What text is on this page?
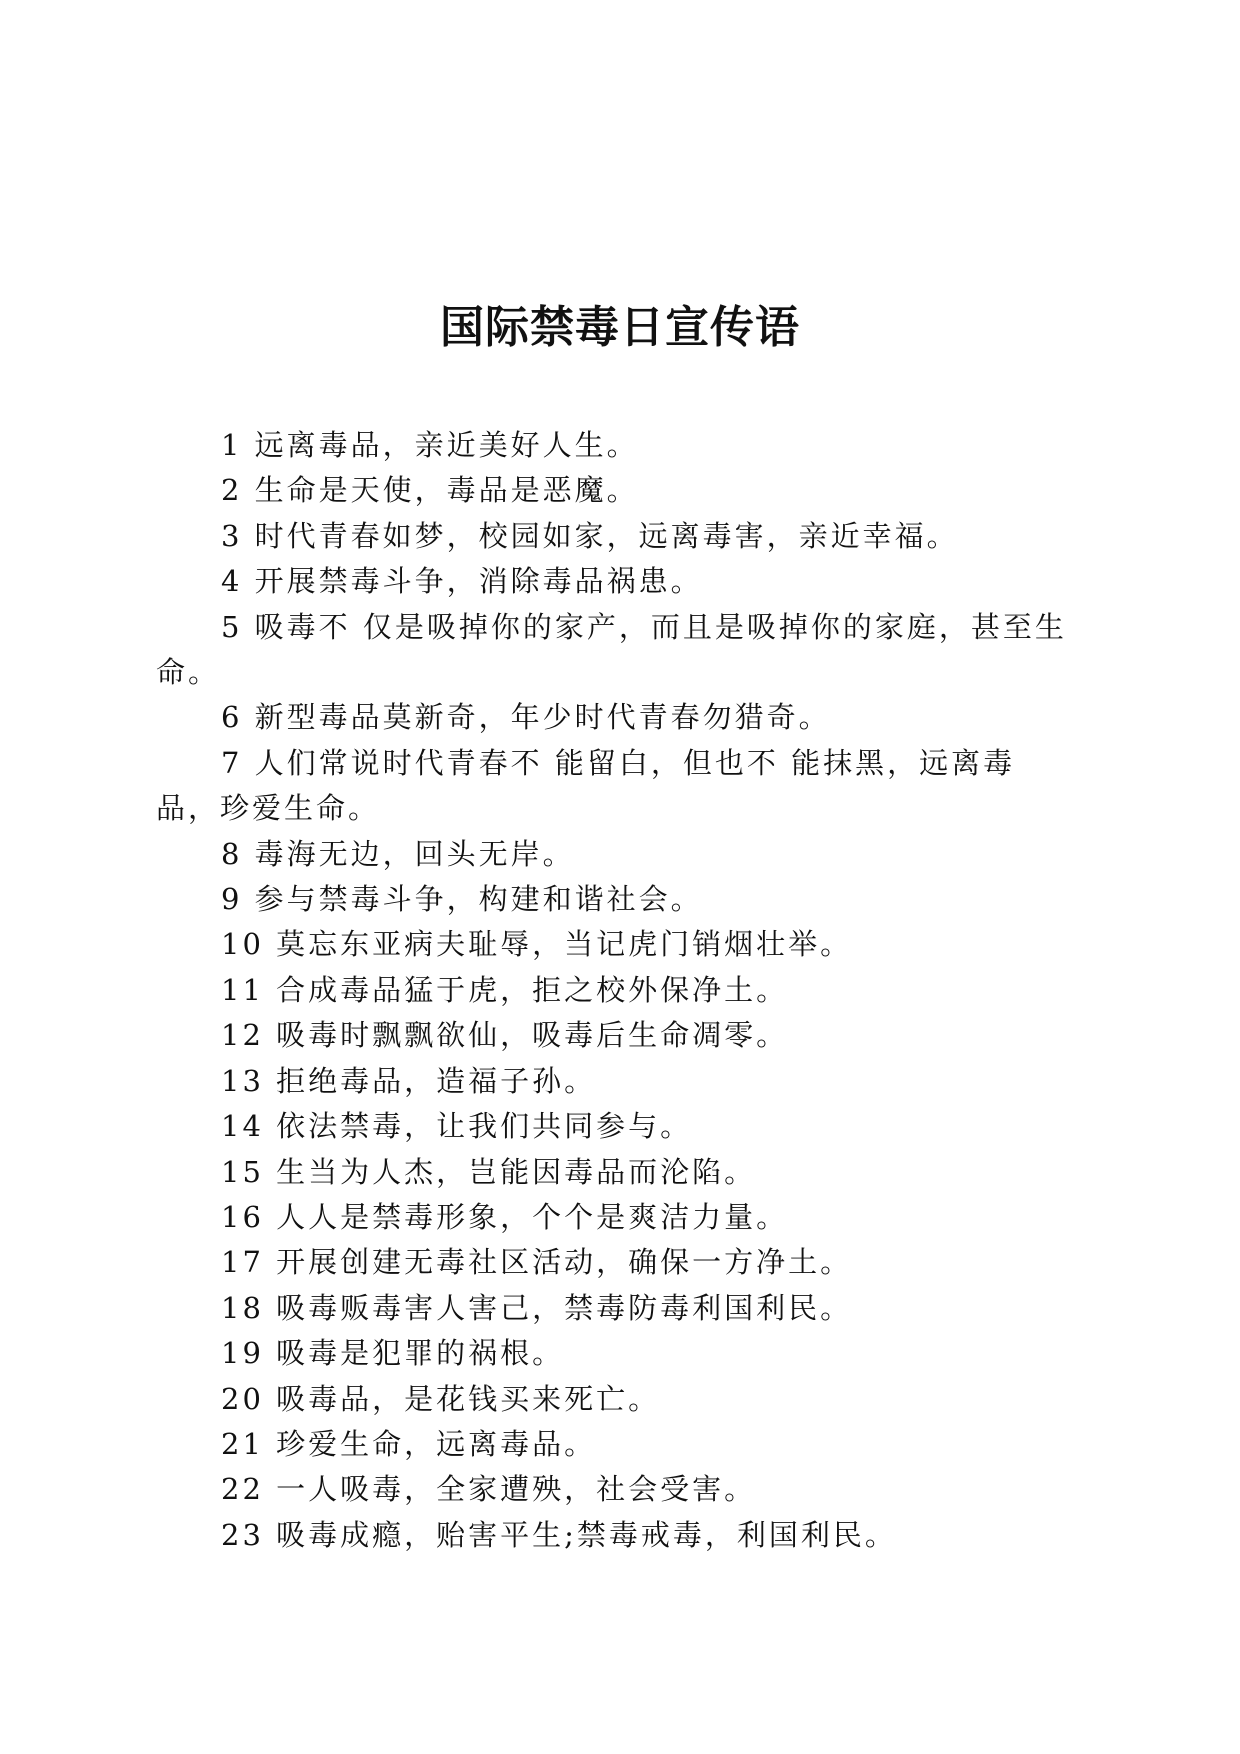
国际禁毒日宣传语

1 远离毒品，亲近美好人生。

2 生命是天使，毒品是恶魔。

3 时代青春如梦，校园如家，远离毒害，亲近幸福。

4 开展禁毒斗争，消除毒品祸患。

5 吸毒不 仅是吸掉你的家产，而且是吸掉你的家庭，甚至生命。

6 新型毒品莫新奇，年少时代青春勿猎奇。

7 人们常说时代青春不 能留白，但也不 能抹黑，远离毒品，珍爱生命。

8 毒海无边，回头无岸。

9 参与禁毒斗争，构建和谐社会。

10 莫忘东亚病夫耻辱，当记虎门销烟壮举。

11 合成毒品猛于虎，拒之校外保净土。

12 吸毒时飘飘欲仙，吸毒后生命凋零。

13 拒绝毒品，造福子孙。

14 依法禁毒，让我们共同参与。

15 生当为人杰，岂能因毒品而沦陷。

16 人人是禁毒形象，个个是爽洁力量。

17 开展创建无毒社区活动，确保一方净土。

18 吸毒贩毒害人害己，禁毒防毒利国利民。

19 吸毒是犯罪的祸根。

20 吸毒品，是花钱买来死亡。

21 珍爱生命，远离毒品。

22 一人吸毒，全家遭殃，社会受害。

23 吸毒成瘾，贻害平生;禁毒戒毒，利国利民。
